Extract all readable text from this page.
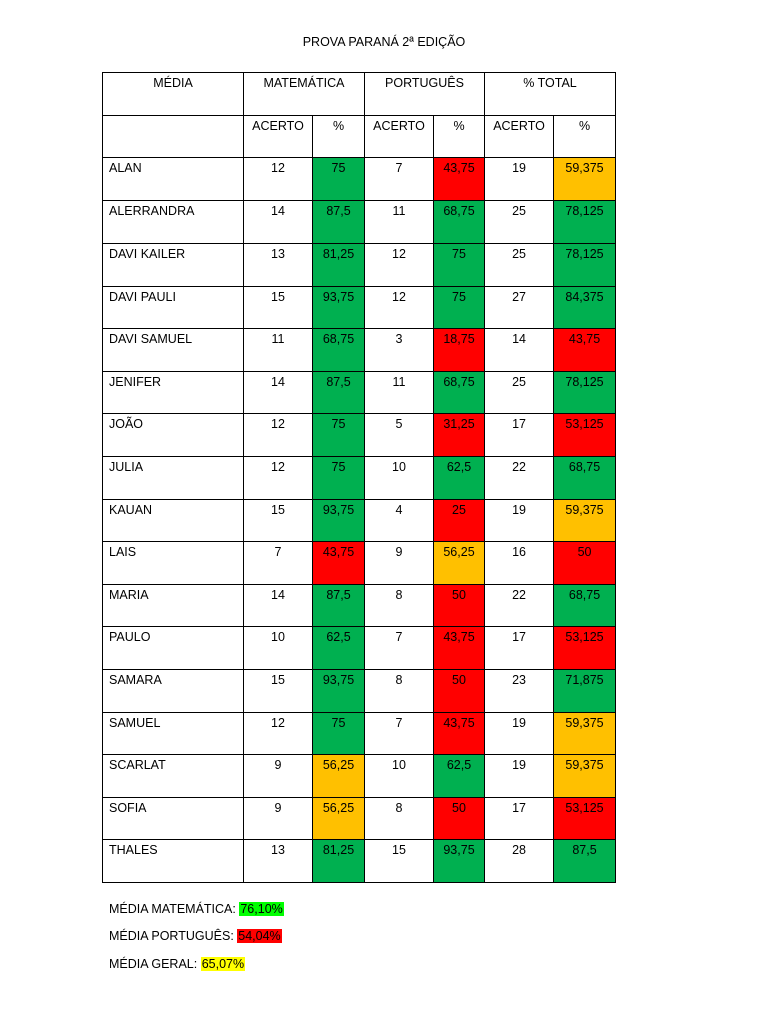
PROVA PARANÁ 2ª EDIÇÃO
MÉDIA	MATEMÁTICA		PORTUGUÊS		% TOTAL	

	ACERTO	%	ACERTO	%	ACERTO	%

ALAN	12	75	7	43,75	19	59,375

ALERRANDRA	14	87,5	11	68,75	25	78,125

DAVI KAILER	13	81,25	12	75	25	78,125

DAVI PAULI	15	93,75	12	75	27	84,375

DAVI SAMUEL	11	68,75	3	18,75	14	43,75

JENIFER	14	87,5	11	68,75	25	78,125

JOÃO	12	75	5	31,25	17	53,125

JULIA	12	75	10	62,5	22	68,75

KAUAN	15	93,75	4	25	19	59,375

LAIS	7	43,75	9	56,25	16	50

MARIA	14	87,5	8	50	22	68,75

PAULO	10	62,5	7	43,75	17	53,125

SAMARA	15	93,75	8	50	23	71,875

SAMUEL	12	75	7	43,75	19	59,375

SCARLAT	9	56,25	10	62,5	19	59,375

SOFIA	9	56,25	8	50	17	53,125

THALES	13	81,25	15	93,75	28	87,5
MÉDIA MATEMÁTICA: 76,10%
MÉDIA PORTUGUÊS: 54,04%
MÉDIA GERAL: 65,07%
